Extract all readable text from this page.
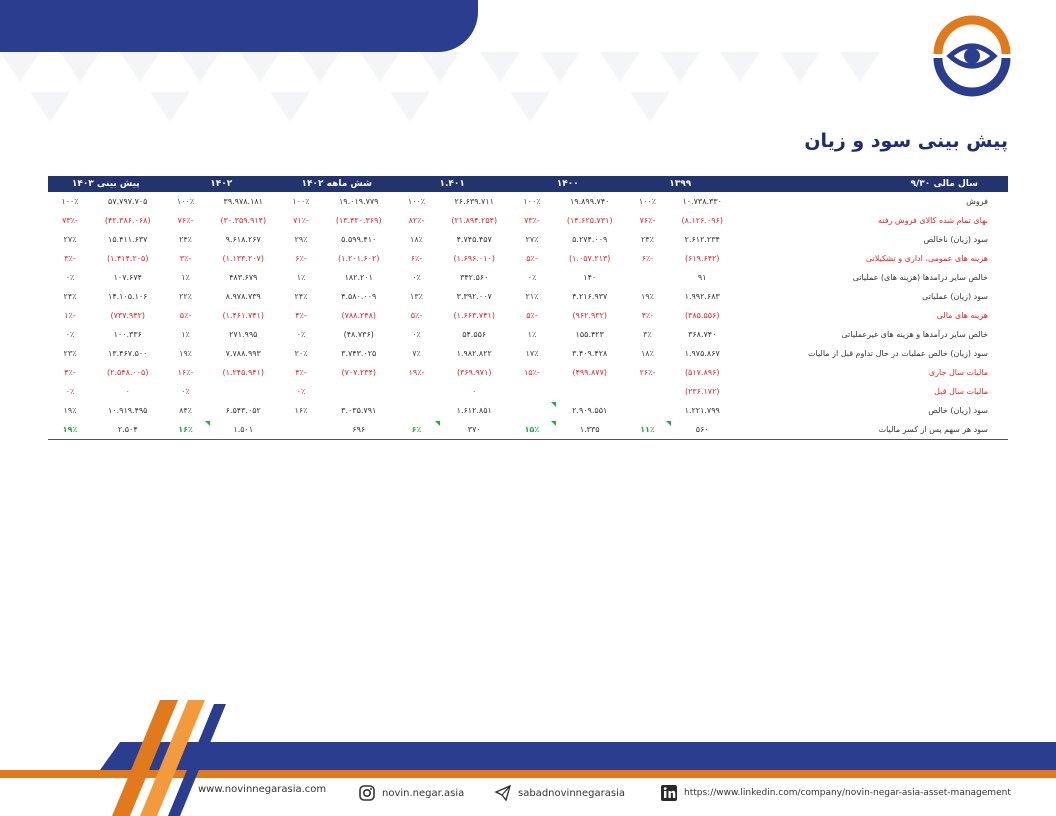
پیش بینی سود و زیان
سال مالی ۹/۳۰	۱۳۹۹		۱۴۰۰		۱.۴۰۱		شش ماهه ۱۴۰۲		۱۴۰۲		پیش بینی ۱۴۰۳	
فروش	۱۰.۷۳۸.۳۳۰	۱۰۰٪	۱۹.۸۹۹.۷۴۰	۱۰۰٪	۲۶.۶۳۹.۷۱۱	۱۰۰٪	۱۹.۰۱۹.۷۷۹	۱۰۰٪	۳۹.۹۷۸.۱۸۱	۱۰۰٪	۵۷.۷۹۷.۷۰۵	۱۰۰٪
بهای تمام شده کالای فروش رفته	(۸.۱۲۶.۰۹۶)	-۷۶٪	(۱۴.۶۲۵.۷۳۱)	-۷۳٪	(۲۱.۸۹۴.۲۵۴)	-۸۲٪	(۱۳.۴۲۰.۳۶۹)	-۷۱٪	(۳۰.۳۵۹.۹۱۴)	-۷۶٪	(۴۲.۳۸۶.۰۶۸)	-۷۳٪
سود (زیان) ناخالص	۲.۶۱۲.۲۳۴	۲۴٪	۵.۲۷۴.۰۰۹	۲۷٪	۴.۷۴۵.۴۵۷	۱۸٪	۵.۵۹۹.۴۱۰	۲۹٪	۹.۶۱۸.۲۶۷	۲۴٪	۱۵.۴۱۱.۶۳۷	۲۷٪
هزینه های عمومی، اداری و تشکیلاتی	(۶۱۹.۶۴۲)	-۶٪	(۱.۰۵۷.۲۱۳)	-۵٪	(۱.۶۹۶.۰۱۰)	-۶٪	(۱.۲۰۱.۶۰۲)	-۶٪	(۱.۱۳۳.۲۰۷)	-۳٪	(۱.۴۱۴.۲۰۵)	-۳٪
خالص سایر درامدها (هزینه های) عملیاتی	۹۱		۱۴۰	۰٪	۳۴۲.۵۶۰	۰٪	۱۸۲.۲۰۱	۱٪	۴۸۳.۶۷۹	۱٪	۱۰۷.۶۷۴	۰٪
سود (زیان) عملیاتی	۱.۹۹۲.۶۸۳	۱۹٪	۴.۲۱۶.۹۳۷	۲۱٪	۳.۳۹۲.۰۰۷	۱۳٪	۴.۵۸۰.۰۰۹	۲۴٪	۸.۹۷۸.۷۳۹	۲۲٪	۱۴.۱۰۵.۱۰۶	۲۴٪
هزینه های مالی	(۳۸۵.۵۵۶)	-۴٪	(۹۶۲.۹۳۲)	-۵٪	(۱.۶۶۳.۷۴۱)	-۵٪	(۷۸۸.۲۴۸)	-۴٪	(۱.۴۶۱.۷۴۱)	-۵٪	(۷۳۷.۹۴۲)	-۱٪
خالص سایر درآمدها و هزینه های غیرعملیاتی	۳۶۸.۷۴۰	۳٪	۱۵۵.۴۲۳	۱٪	۵۴.۵۵۶	۰٪	(۴۸.۷۳۶)	۰٪	۲۷۱.۹۹۵	۱٪	۱۰۰.۳۳۶	۰٪
سود (زیان) خالص عملیات در حال تداوم قبل از مالیات	۱.۹۷۵.۸۶۷	۱۸٪	۳.۴۰۹.۴۲۸	۱۷٪	۱.۹۸۲.۸۲۲	۷٪	۳.۷۴۳.۰۲۵	۲۰٪	۷.۷۸۸.۹۹۳	۱۹٪	۱۳.۴۶۷.۵۰۰	۲۳٪
مالیات سال جاری	(۵۱۷.۸۹۶)	-۲۶٪	(۴۹۹.۸۷۷)	-۱۵٪	(۳۶۹.۹۷۱)	-۱۹٪	(۷۰۷.۲۳۴)	-۴٪	(۱.۲۴۵.۹۴۱)	-۱۶٪	(۲.۵۴۸.۰۰۵)	-۴٪
مالیات سال قبل	(۲۳۶.۱۷۲)				۰			۰٪		۰٪	۰	۰٪
سود (زیان) خالص	۱.۲۲۱.۷۹۹		۲.۹۰۹.۵۵۱		۱.۶۱۲.۸۵۱		۳.۰۳۵.۷۹۱	۱۶٪	۶.۵۴۳.۰۵۲	۸۴٪	۱۰.۹۱۹.۴۹۵	۱۹٪
سود هر سهم پس از کسر مالیات	۵۶۰	۱۱٪	۱.۳۳۵	۱۵٪	۳۷۰	۶٪	۶۹۶		۱.۵۰۱	۱۶٪	۲.۵۰۴	۱۹٪
www.novinnegarasia.com	novin.negar.asia	sabadnovinnegarasia	https://www.linkedin.com/company/novin-negar-asia-asset-management
